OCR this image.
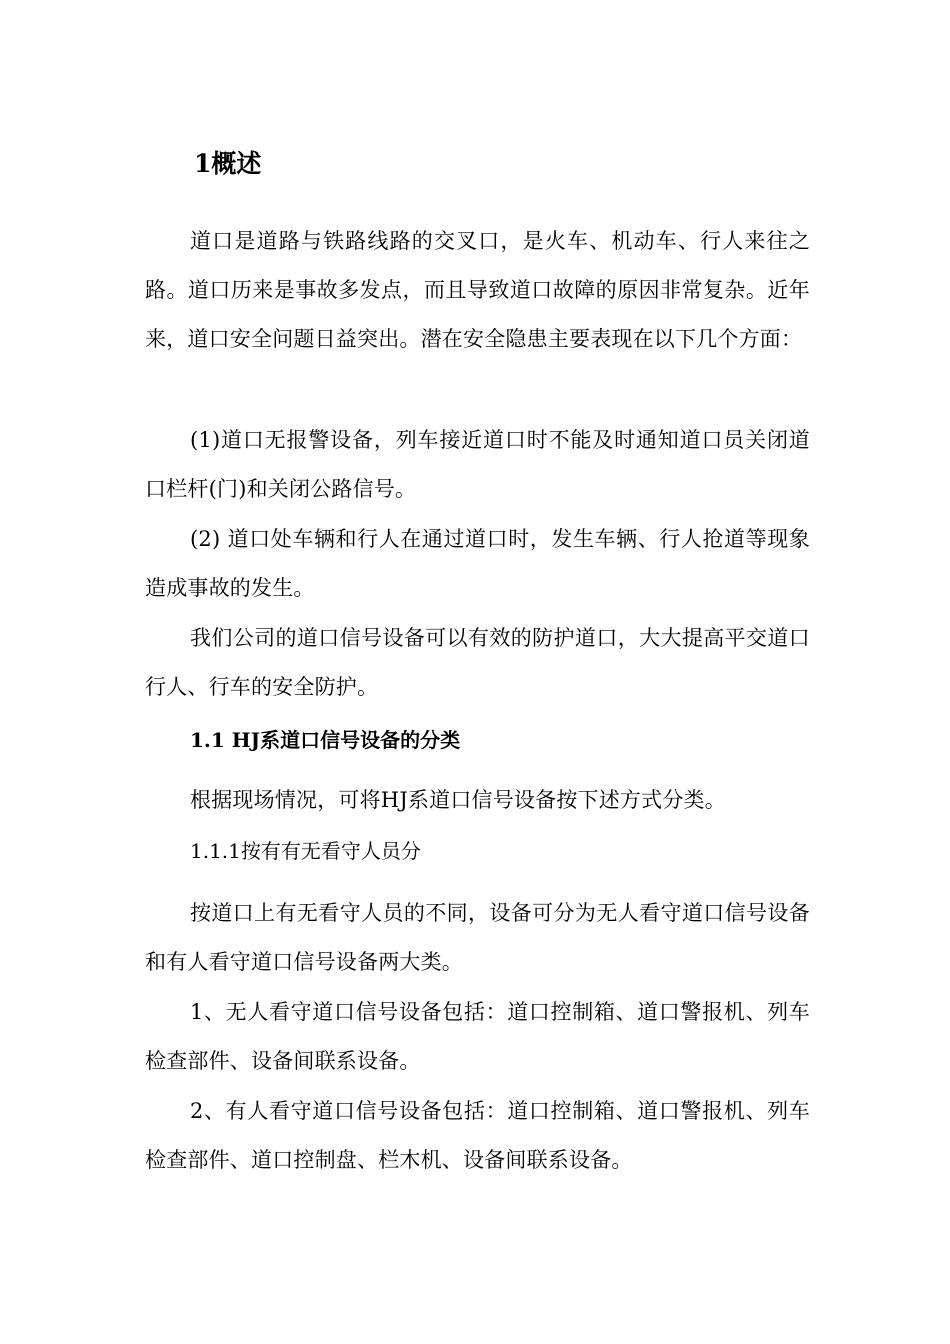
1概述

道口是道路与铁路线路的交叉口，是火车、机动车、行人来往之路。道口历来是事故多发点，而且导致道口故障的原因非常复杂。近年来，道口安全问题日益突出。潜在安全隐患主要表现在以下几个方面：

(1)道口无报警设备，列车接近道口时不能及时通知道口员关闭道口栏杆(门)和关闭公路信号。

(2) 道口处车辆和行人在通过道口时，发生车辆、行人抢道等现象造成事故的发生。

我们公司的道口信号设备可以有效的防护道口，大大提高平交道口行人、行车的安全防护。

1.1 HJ系道口信号设备的分类

根据现场情况，可将HJ系道口信号设备按下述方式分类。

1.1.1按有有无看守人员分

按道口上有无看守人员的不同，设备可分为无人看守道口信号设备和有人看守道口信号设备两大类。

1、无人看守道口信号设备包括：道口控制箱、道口警报机、列车检查部件、设备间联系设备。

2、有人看守道口信号设备包括：道口控制箱、道口警报机、列车检查部件、道口控制盘、栏木机、设备间联系设备。
